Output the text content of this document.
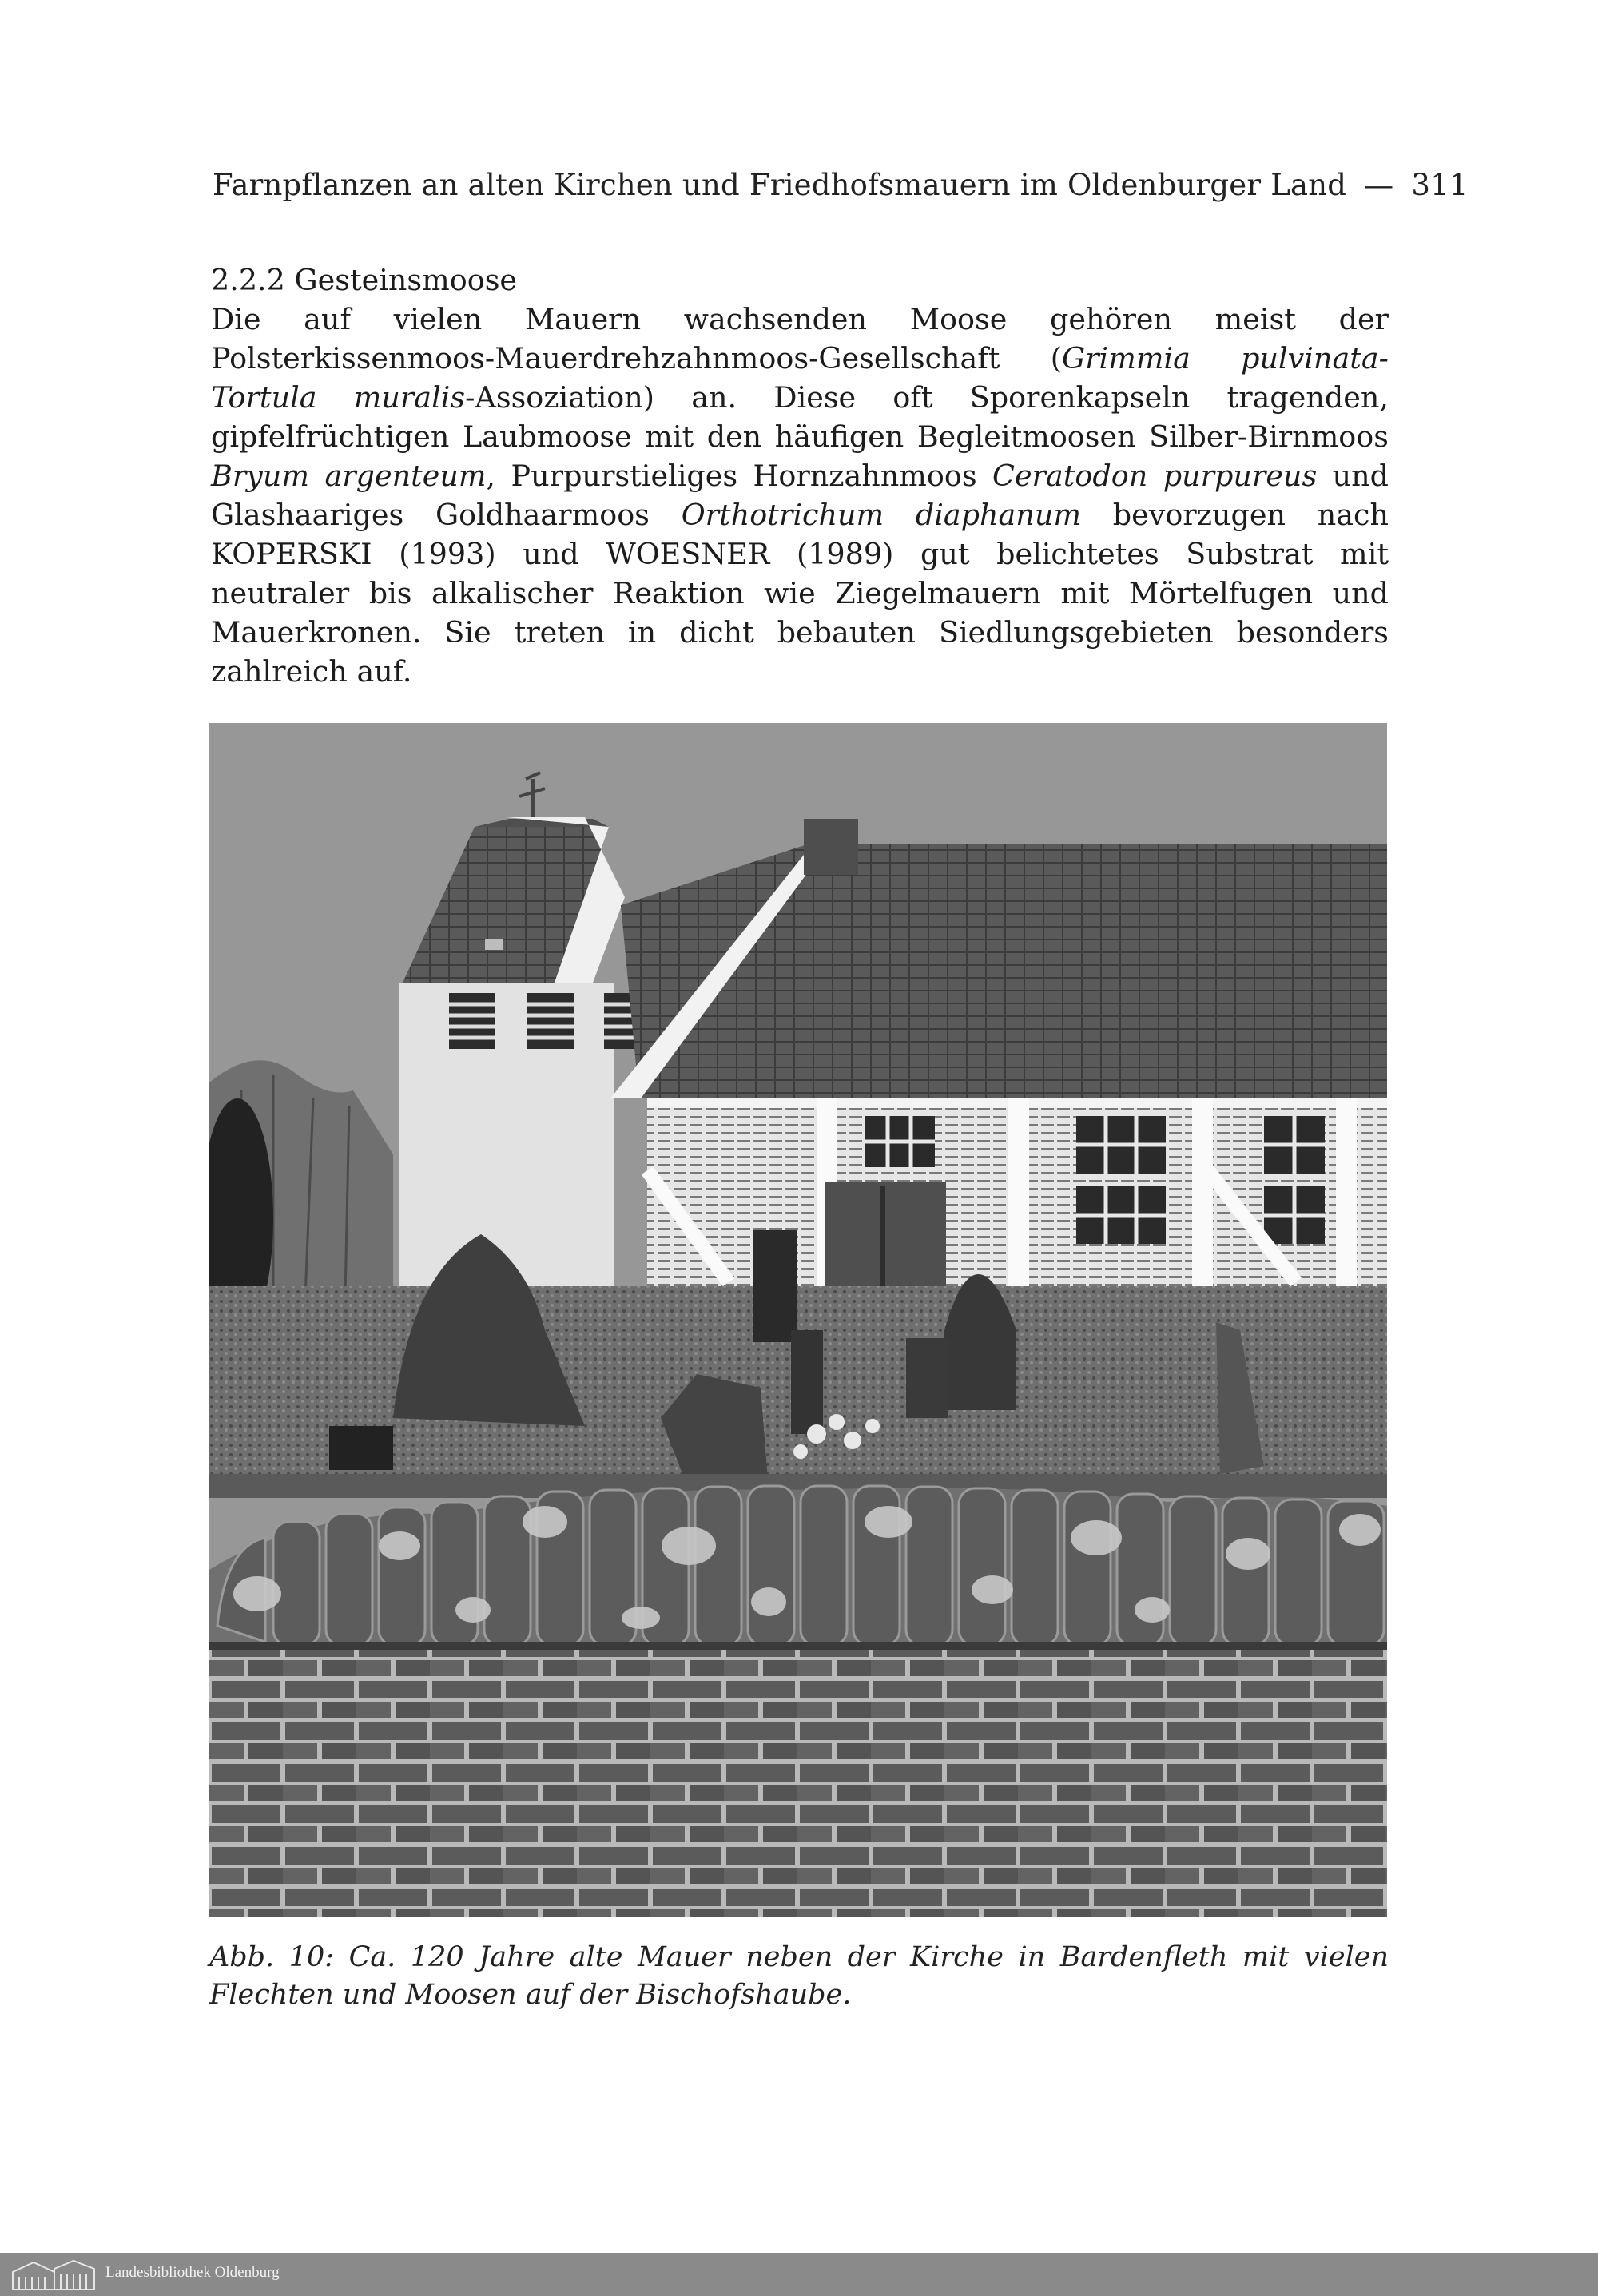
Farnpflanzen an alten Kirchen und Friedhofsmauern im Oldenburger Land — 311
2.2.2 Gesteinsmoose
Die auf vielen Mauern wachsenden Moose gehören meist der Polsterkissenmoos-Mauerdrehzahnmoos-Gesellschaft (Grimmia pulvinata-Tortula muralis-Assoziation) an. Diese oft Sporenkapseln tragenden, gipfelfrüchtigen Laubmoose mit den häufigen Begleitmoosen Silber-Birnmoos Bryum argenteum, Purpurstieliges Hornzahnmoos Ceratodon purpureus und Glashaariges Goldhaarmoos Orthotrichum diaphanum bevorzugen nach KOPERSKI (1993) und WOESNER (1989) gut belichtetes Substrat mit neutraler bis alkalischer Reaktion wie Ziegelmauern mit Mörtelfugen und Mauerkronen. Sie treten in dicht bebauten Siedlungsgebieten besonders zahlreich auf.
Abb. 10: Ca. 120 Jahre alte Mauer neben der Kirche in Bardenfleth mit vielen Flechten und Moosen auf der Bischofshaube.
Landesbibliothek Oldenburg
